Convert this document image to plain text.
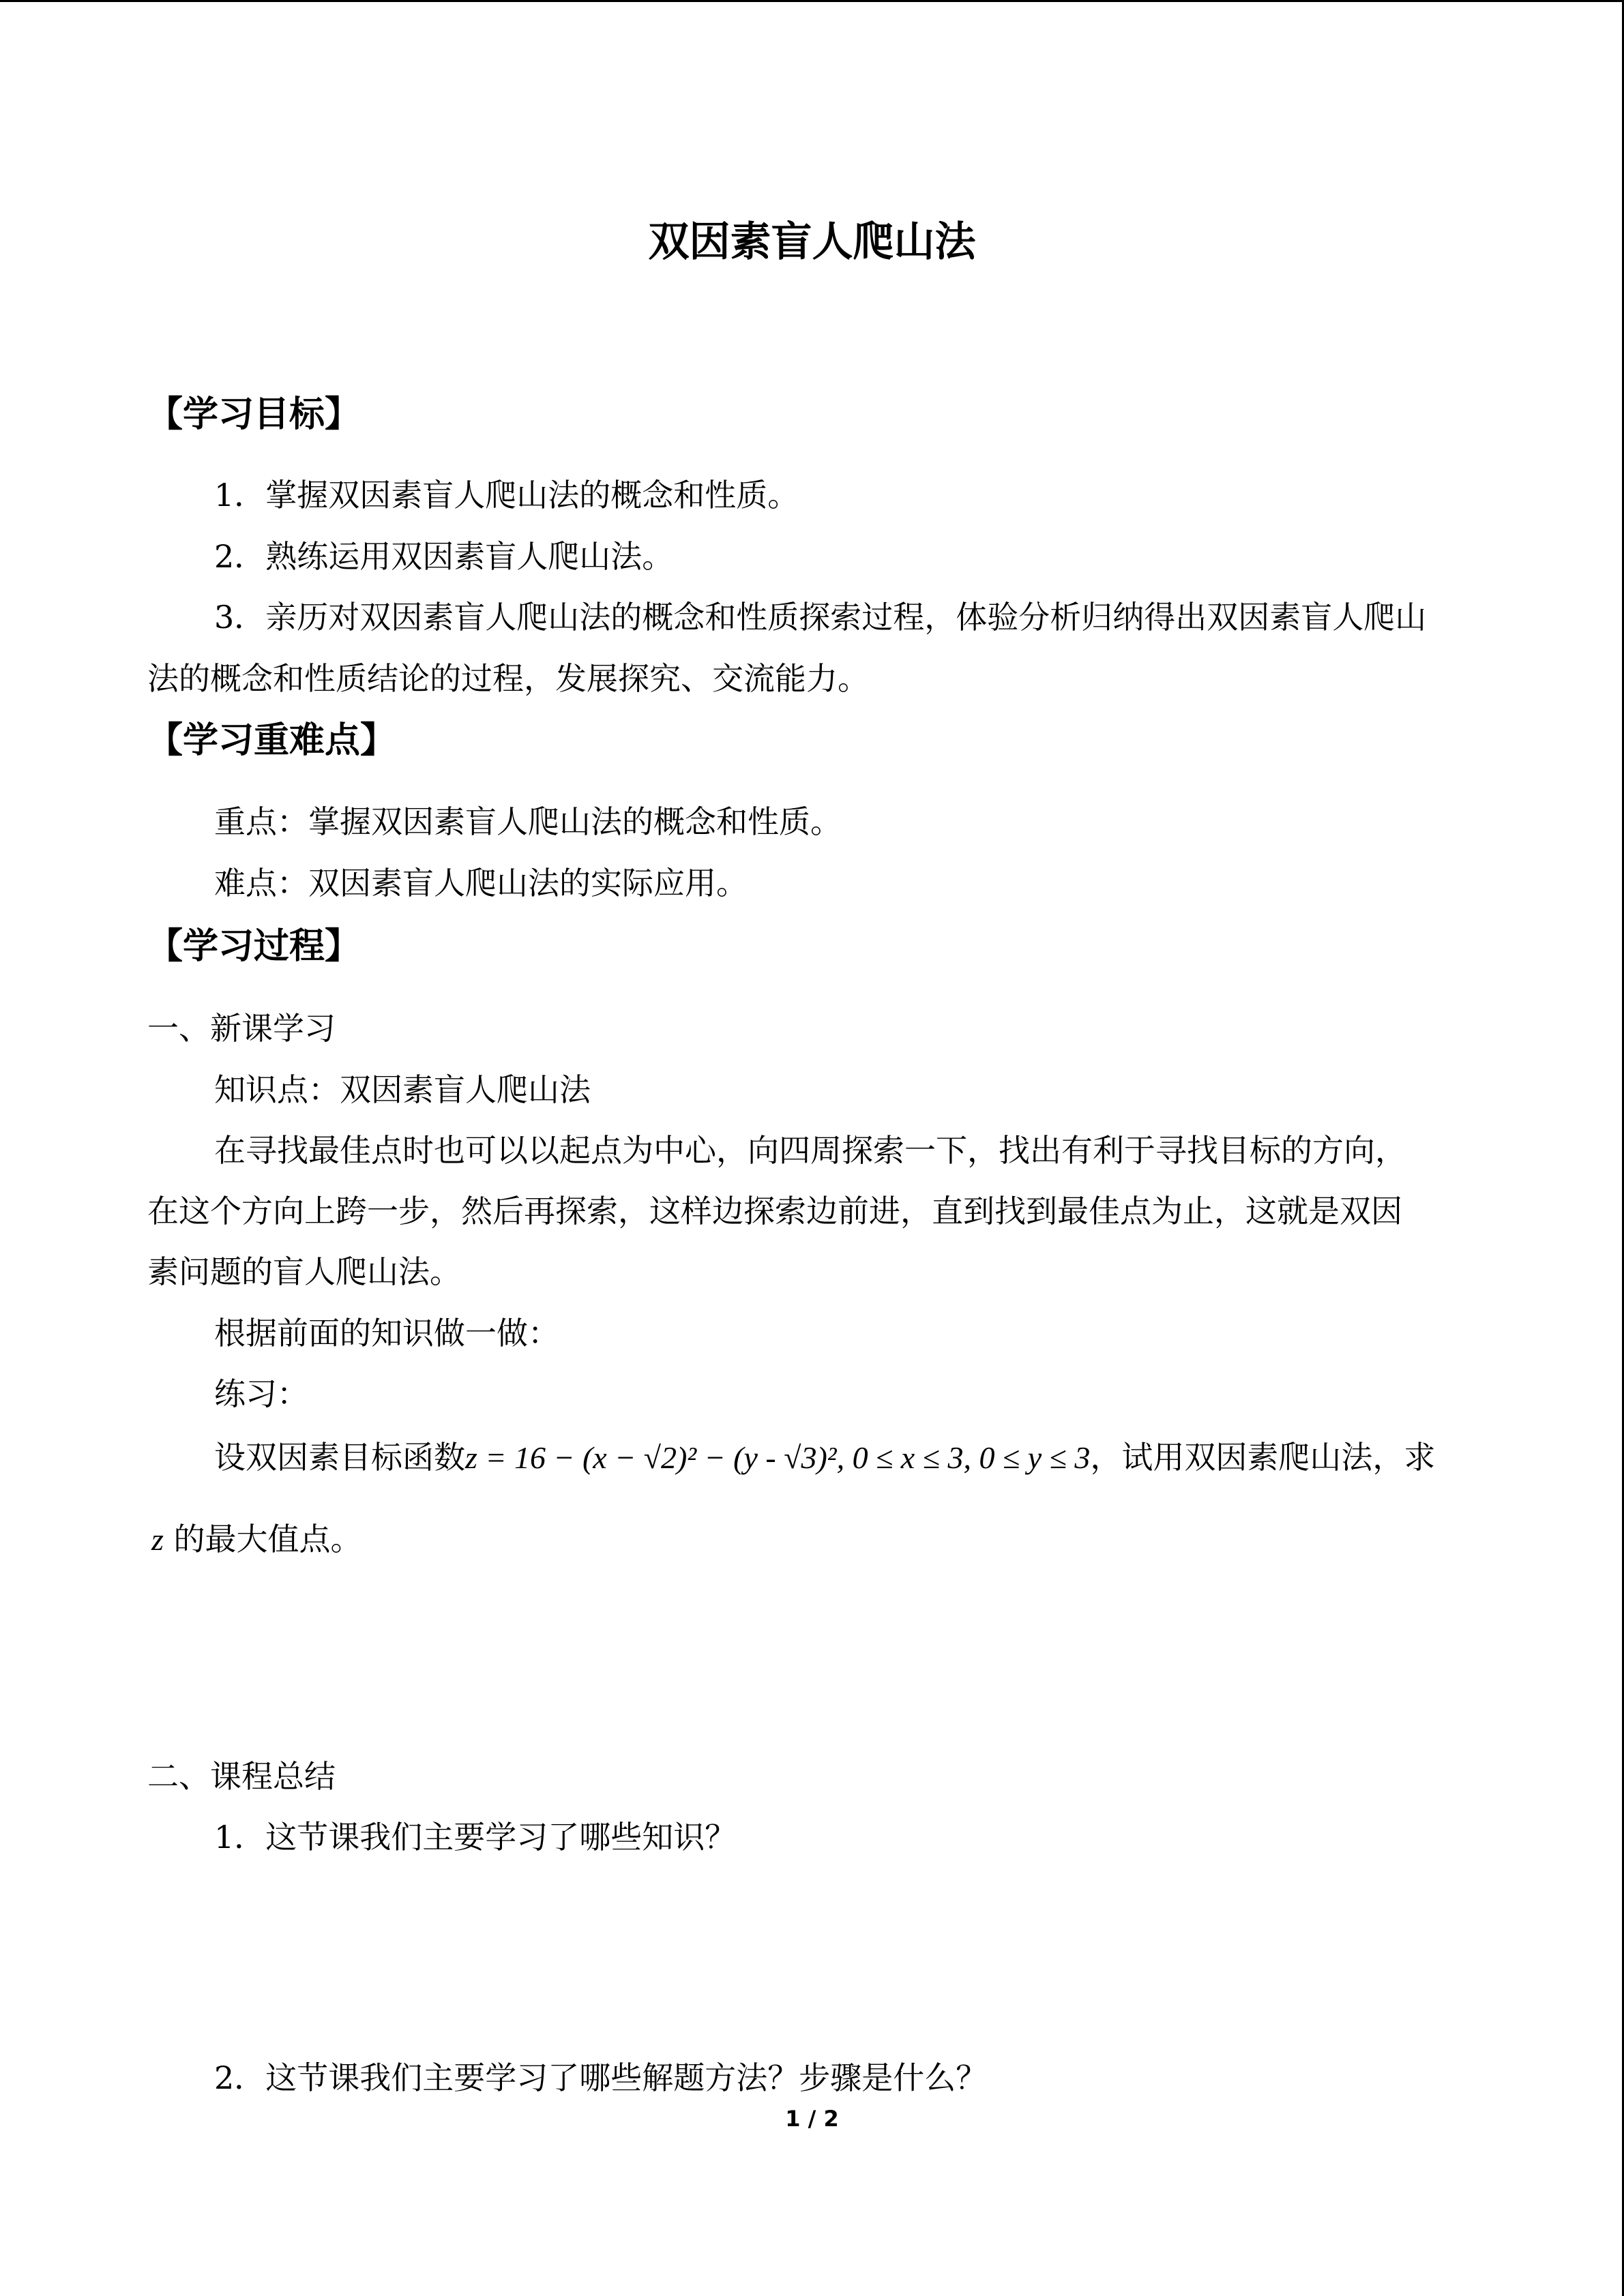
双因素盲人爬山法
【学习目标】
1．掌握双因素盲人爬山法的概念和性质。
2．熟练运用双因素盲人爬山法。
3．亲历对双因素盲人爬山法的概念和性质探索过程，体验分析归纳得出双因素盲人爬山
法的概念和性质结论的过程，发展探究、交流能力。
【学习重难点】
重点：掌握双因素盲人爬山法的概念和性质。
难点：双因素盲人爬山法的实际应用。
【学习过程】
一、新课学习
知识点：双因素盲人爬山法
在寻找最佳点时也可以以起点为中心，向四周探索一下，找出有利于寻找目标的方向，
在这个方向上跨一步，然后再探索，这样边探索边前进，直到找到最佳点为止，这就是双因
素问题的盲人爬山法。
根据前面的知识做一做：
练习：
设双因素目标函数z = 16 − (x − √2)² − (y - √3)², 0 ≤ x ≤ 3, 0 ≤ y ≤ 3，试用双因素爬山法，求
z 的最大值点。
二、课程总结
1．这节课我们主要学习了哪些知识？
2．这节课我们主要学习了哪些解题方法？步骤是什么？
1 / 2
